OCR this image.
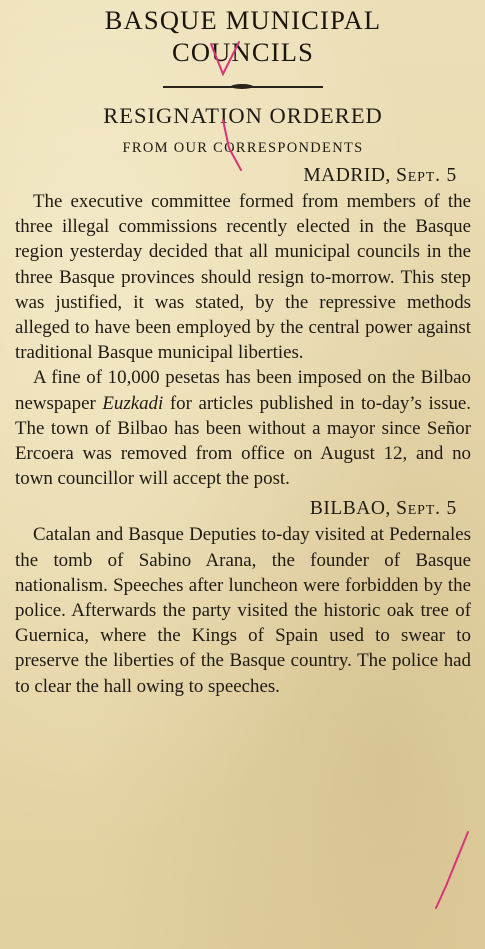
BASQUE MUNICIPAL
COUNCILS
RESIGNATION ORDERED
FROM OUR CORRESPONDENTS
MADRID, Sept. 5

The executive committee formed from members of the three illegal commissions recently elected in the Basque region yesterday decided that all municipal councils in the three Basque provinces should resign to-morrow. This step was justified, it was stated, by the repressive methods alleged to have been employed by the central power against traditional Basque municipal liberties.

A fine of 10,000 pesetas has been imposed on the Bilbao newspaper Euzkadi for articles published in to-day’s issue. The town of Bilbao has been without a mayor since Señor Ercoera was removed from office on August 12, and no town councillor will accept the post.

BILBAO, Sept. 5

Catalan and Basque Deputies to-day visited at Pedernales the tomb of Sabino Arana, the founder of Basque nationalism. Speeches after luncheon were forbidden by the police. Afterwards the party visited the historic oak tree of Guernica, where the Kings of Spain used to swear to preserve the liberties of the Basque country. The police had to clear the hall owing to speeches.
